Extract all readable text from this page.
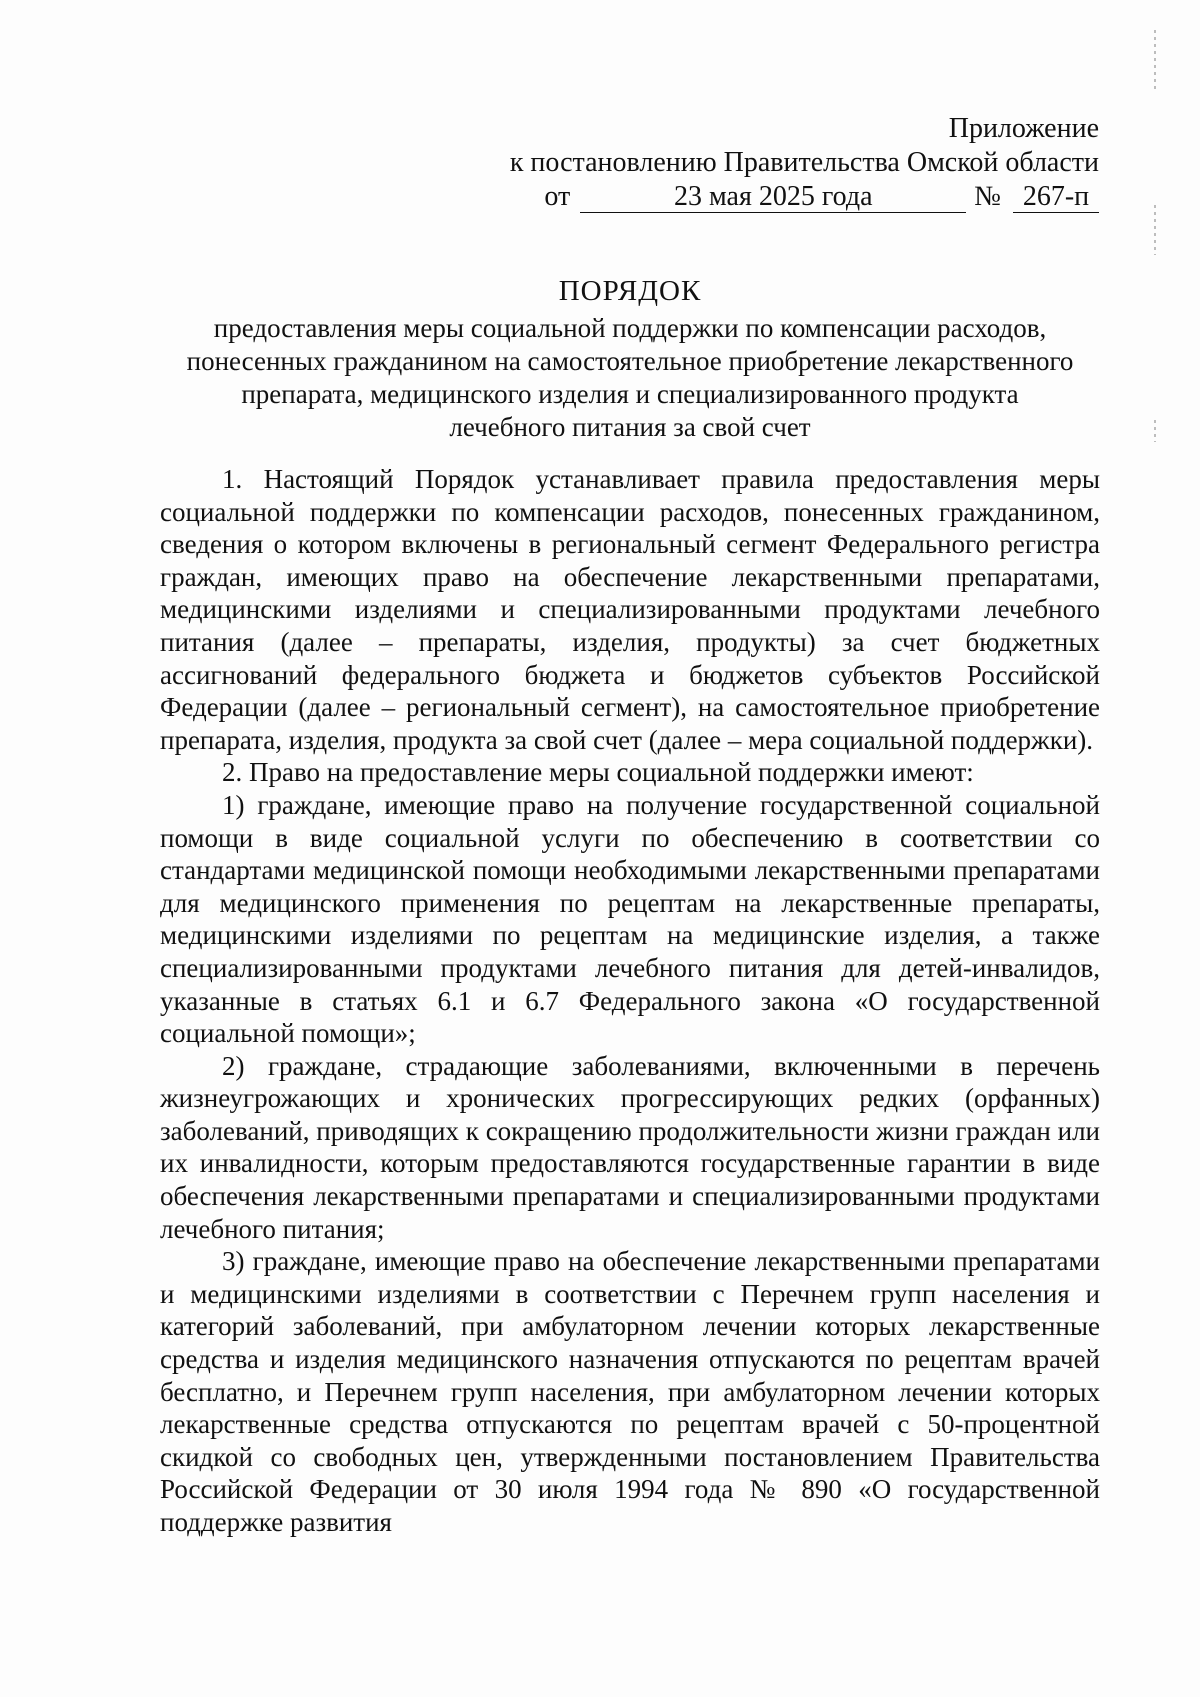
Приложение
к постановлению Правительства Омской области
от	23 мая 2025 года	№ 267-п
ПОРЯДОК
предоставления меры социальной поддержки по компенсации расходов,
понесенных гражданином на самостоятельное приобретение лекарственного
препарата, медицинского изделия и специализированного продукта
лечебного питания за свой счет

1. Настоящий Порядок устанавливает правила предоставления меры социальной поддержки по компенсации расходов, понесенных гражданином, сведения о котором включены в региональный сегмент Федерального регистра граждан, имеющих право на обеспечение лекарственными препаратами, медицинскими изделиями и специализированными продуктами лечебного питания (далее – препараты, изделия, продукты) за счет бюджетных ассигнований федерального бюджета и бюджетов субъектов Российской Федерации (далее – региональный сегмент), на самостоятельное приобретение препарата, изделия, продукта за свой счет (далее – мера социальной поддержки).

2. Право на предоставление меры социальной поддержки имеют:

1) граждане, имеющие право на получение государственной социальной помощи в виде социальной услуги по обеспечению в соответствии со стандартами медицинской помощи необходимыми лекарственными препаратами для медицинского применения по рецептам на лекарственные препараты, медицинскими изделиями по рецептам на медицинские изделия, а также специализированными продуктами лечебного питания для детей-инвалидов, указанные в статьях 6.1 и 6.7 Федерального закона «О государственной социальной помощи»;

2) граждане, страдающие заболеваниями, включенными в перечень жизнеугрожающих и хронических прогрессирующих редких (орфанных) заболеваний, приводящих к сокращению продолжительности жизни граждан или их инвалидности, которым предоставляются государственные гарантии в виде обеспечения лекарственными препаратами и специализированными продуктами лечебного питания;

3) граждане, имеющие право на обеспечение лекарственными препаратами и медицинскими изделиями в соответствии с Перечнем групп населения и категорий заболеваний, при амбулаторном лечении которых лекарственные средства и изделия медицинского назначения отпускаются по рецептам врачей бесплатно, и Перечнем групп населения, при амбулаторном лечении которых лекарственные средства отпускаются по рецептам врачей с 50-процентной скидкой со свободных цен, утвержденными постановлением Правительства Российской Федерации от 30 июля 1994 года № 890 «О государственной поддержке развития
